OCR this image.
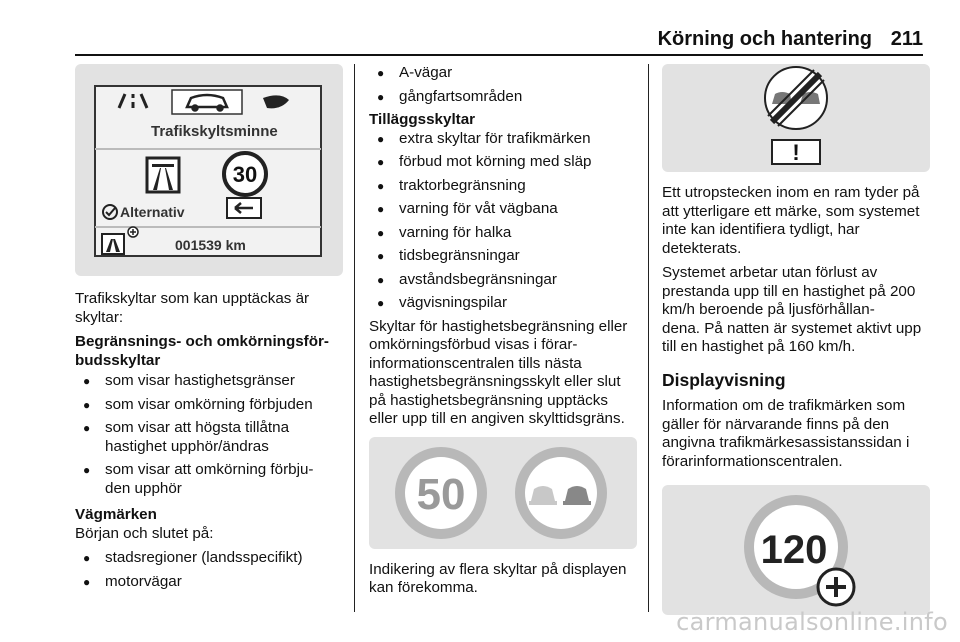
Körning och hantering 211
Trafikskyltsminne
30
Alternativ
001539 km

Trafikskyltar som kan upptäckas är skyltar:

Begränsnings- och omkörningsför-
budsskyltar

● som visar hastighetsgränser
● som visar omkörning förbjuden
● som visar att högsta tillåtna hastighet upphör/ändras
● som visar att omkörning förbju-
den upphör

Vägmärken

Början och slutet på:

● stadsregioner (landsspecifikt)
● motorvägar
● A-vägar
● gångfartsområden

Tilläggsskyltar

● extra skyltar för trafikmärken
● förbud mot körning med släp
● traktorbegränsning
● varning för våt vägbana
● varning för halka
● tidsbegränsningar
● avståndsbegränsningar
● vägvisningspilar

Skyltar för hastighetsbegränsning eller omkörningsförbud visas i förar-
informationscentralen tills nästa hastighetsbegränsningsskylt eller slut på hastighetsbegränsning upptäcks eller upp till en angiven skylttidsgräns.

50

Indikering av flera skyltar på displayen kan förekomma.

!

Ett utropstecken inom en ram tyder på att ytterligare ett märke, som systemet inte kan identifiera tydligt, har detekterats.

Systemet arbetar utan förlust av prestanda upp till en hastighet på 200 km/h beroende på ljusförhållan-
dena. På natten är systemet aktivt upp till en hastighet på 160 km/h.

Displayvisning

Information om de trafikmärken som gäller för närvarande finns på den angivna trafikmärkesassistanssidan i förarinformationscentralen.

120
carmanualsonline.info
